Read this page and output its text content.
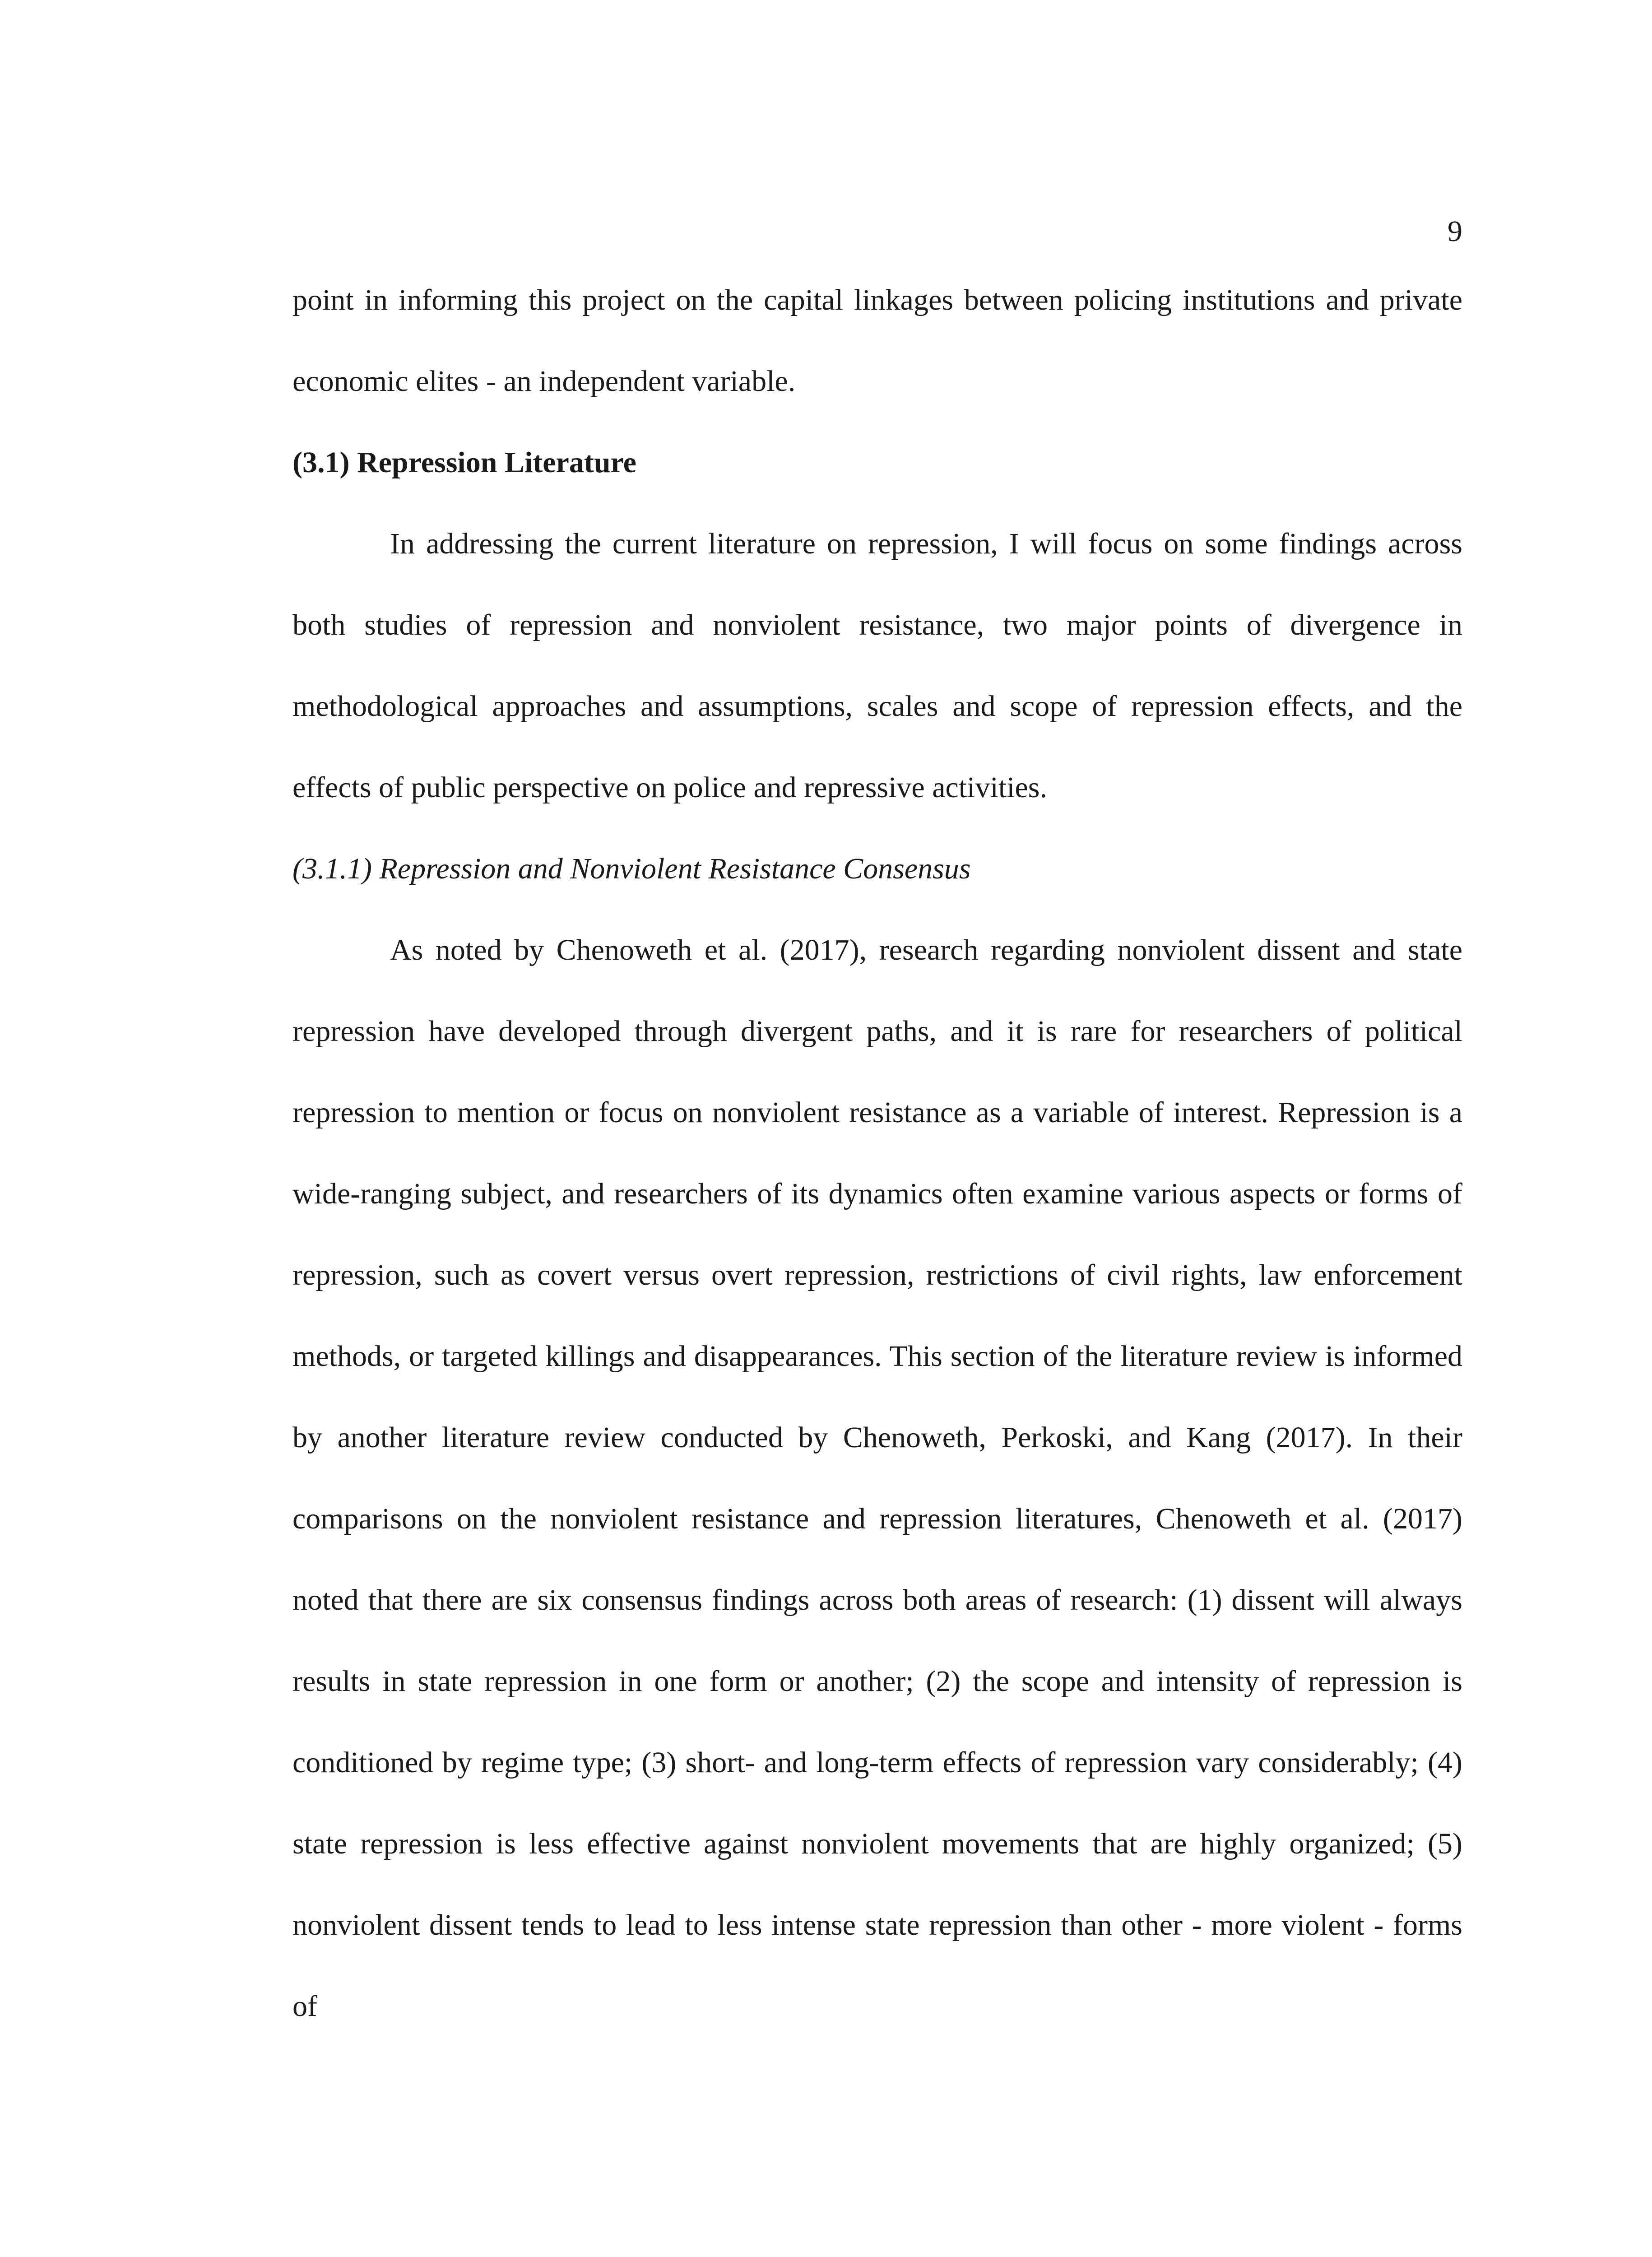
9

point in informing this project on the capital linkages between policing institutions and private economic elites - an independent variable.

(3.1) Repression Literature

In addressing the current literature on repression, I will focus on some findings across both studies of repression and nonviolent resistance, two major points of divergence in methodological approaches and assumptions, scales and scope of repression effects, and the effects of public perspective on police and repressive activities.

(3.1.1) Repression and Nonviolent Resistance Consensus

As noted by Chenoweth et al. (2017), research regarding nonviolent dissent and state repression have developed through divergent paths, and it is rare for researchers of political repression to mention or focus on nonviolent resistance as a variable of interest. Repression is a wide-ranging subject, and researchers of its dynamics often examine various aspects or forms of repression, such as covert versus overt repression, restrictions of civil rights, law enforcement methods, or targeted killings and disappearances. This section of the literature review is informed by another literature review conducted by Chenoweth, Perkoski, and Kang (2017). In their comparisons on the nonviolent resistance and repression literatures, Chenoweth et al. (2017) noted that there are six consensus findings across both areas of research: (1) dissent will always results in state repression in one form or another; (2) the scope and intensity of repression is conditioned by regime type; (3) short- and long-term effects of repression vary considerably; (4) state repression is less effective against nonviolent movements that are highly organized; (5) nonviolent dissent tends to lead to less intense state repression than other - more violent - forms of
